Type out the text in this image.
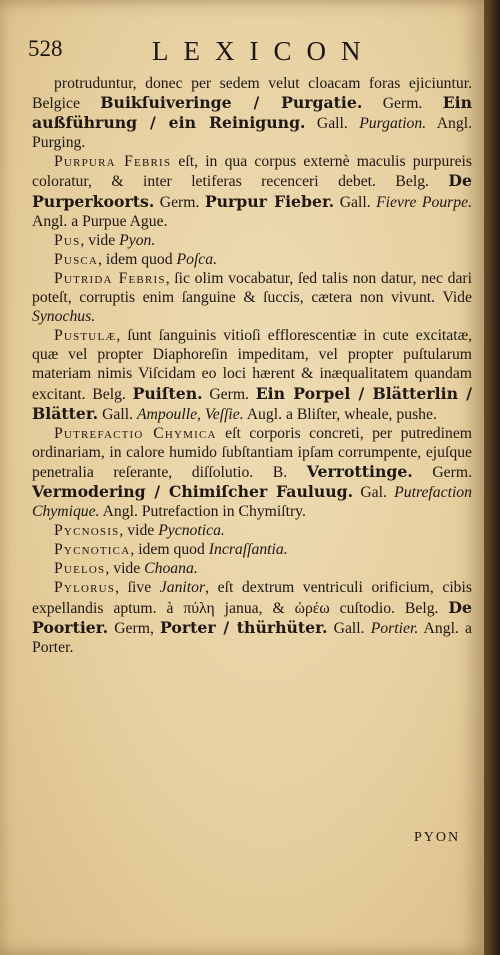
528	LEXICON

protruduntur, donec per sedem velut cloacam foras ejiciuntur. Belgice Buikſuiveringe / Purgatie. Germ. Ein außführung / ein Reinigung. Gall. Purgation. Angl. Purging.

Purpura Febris eſt, in qua corpus externè maculis purpureis coloratur, & inter letiferas recenceri debet. Belg. De Purperkoorts. Germ. Purpur Fieber. Gall. Fievre Pourpe. Angl. a Purpue Ague.

Pus, vide Pyon.

Pusca, idem quod Poſca.

Putrida Febris, ſic olim vocabatur, ſed talis non datur, nec dari poteſt, corruptis enim ſanguine & ſuccis, cætera non vivunt. Vide Synochus.

Pustulæ, ſunt ſanguinis vitioſi efflorescentiæ in cute excitatæ, quæ vel propter Diaphoreſin impeditam, vel propter puſtularum materiam nimis Viſcidam eo loci hærent & inæqualitatem quandam excitant. Belg. Puiſten. Germ. Ein Porpel / Blätterlin / Blätter. Gall. Ampoulle, Veſſie. Augl. a Bliſter, wheale, pushe.

Putrefactio Chymica eſt corporis concreti, per putredinem ordinariam, in calore humido ſubſtantiam ipſam corrumpente, ejuſque penetralia reſerante, diſſolutio. B. Verrottinge. Germ. Vermodering / Chimiſcher Fauluug. Gal. Putrefaction Chymique. Angl. Putrefaction in Chymiſtry.

Pycnosis, vide Pycnotica.

Pycnotica, idem quod Incraſſantia.

Puelos, vide Choana.

Pylorus, ſive Janitor, eſt dextrum ventriculi orificium, cibis expellandis aptum. à πύλη janua, & ὠρέω cuſtodio. Belg. De Poortier. Germ, Porter / thürhüter. Gall. Portier. Angl. a Porter.

PYON
